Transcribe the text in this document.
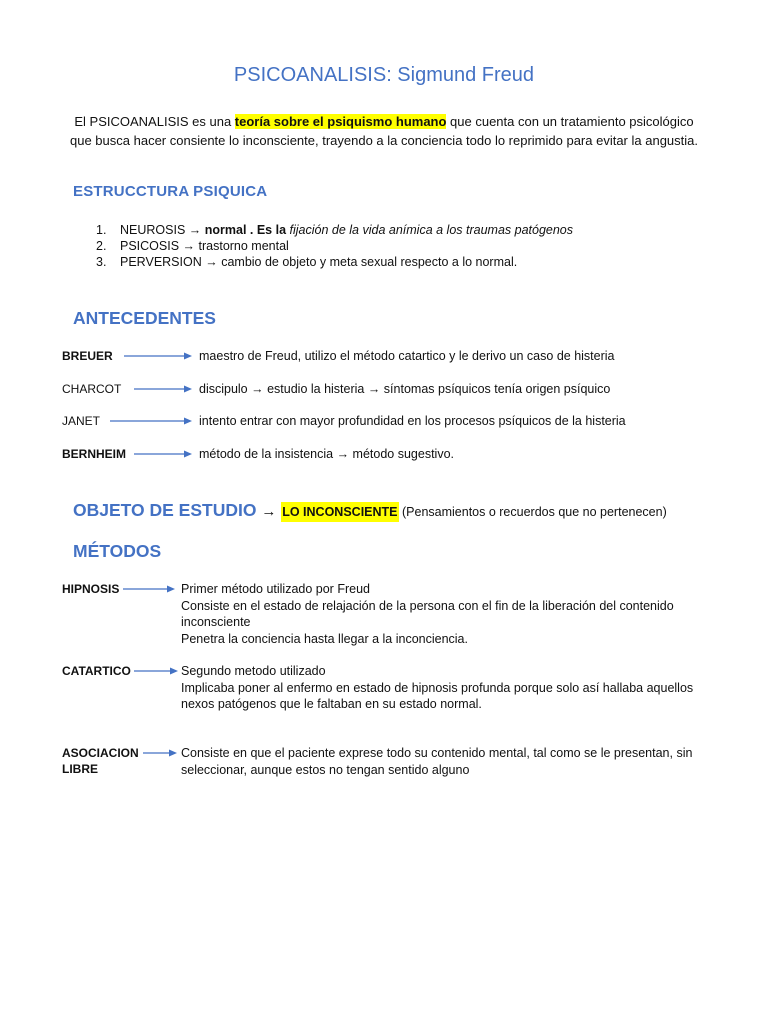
PSICOANALISIS: Sigmund Freud
El PSICOANALISIS es una teoría sobre el psiquismo humano que cuenta con un tratamiento psicológico que busca hacer consiente lo inconsciente, trayendo a la conciencia todo lo reprimido para evitar la angustia.
ESTRUCCTURA PSIQUICA
1. NEUROSIS → normal . Es la fijación de la vida anímica a los traumas patógenos
2. PSICOSIS → trastorno mental
3. PERVERSION → cambio de objeto y meta sexual respecto a lo normal.
ANTECEDENTES
BREUER	maestro de Freud, utilizo el método catartico y le derivo un caso de histeria
CHARCOT	discipulo → estudio la histeria → síntomas psíquicos tenía origen psíquico
JANET	intento entrar con mayor profundidad en los procesos psíquicos de la histeria
BERNHEIM	método de la insistencia → método sugestivo.
OBJETO DE ESTUDIO → LO INCONSCIENTE (Pensamientos o recuerdos que no pertenecen)
MÉTODOS
HIPNOSIS	Primer método utilizado por Freud
Consiste en el estado de relajación de la persona con el fin de la liberación del contenido inconsciente
Penetra la conciencia hasta llegar a la inconciencia.
CATARTICO	Segundo metodo utilizado
Implicaba poner al enfermo en estado de hipnosis profunda porque solo así hallaba aquellos nexos patógenos que le faltaban en su estado normal.
ASOCIACION
LIBRE
Consiste en que el paciente exprese todo su contenido mental, tal como se le presentan, sin seleccionar, aunque estos no tengan sentido alguno
